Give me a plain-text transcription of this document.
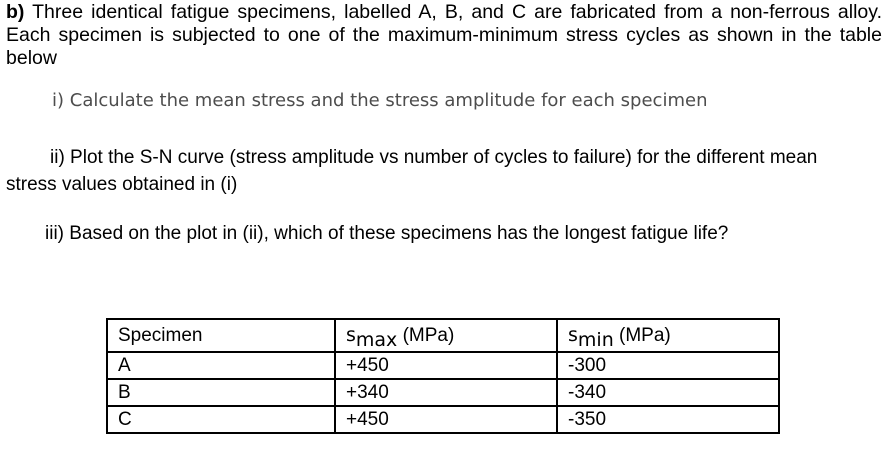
b) Three identical fatigue specimens, labelled A, B, and C are fabricated from a non-ferrous alloy. Each specimen is subjected to one of the maximum-minimum stress cycles as shown in the table below

i) Calculate the mean stress and the stress amplitude for each specimen

ii) Plot the S-N curve (stress amplitude vs number of cycles to failure) for the different mean stress values obtained in (i)

iii) Based on the plot in (ii), which of these specimens has the longest fatigue life?

Specimen	smax (MPa)	smin (MPa)
A	+450	-300
B	+340	-340
C	+450	-350
